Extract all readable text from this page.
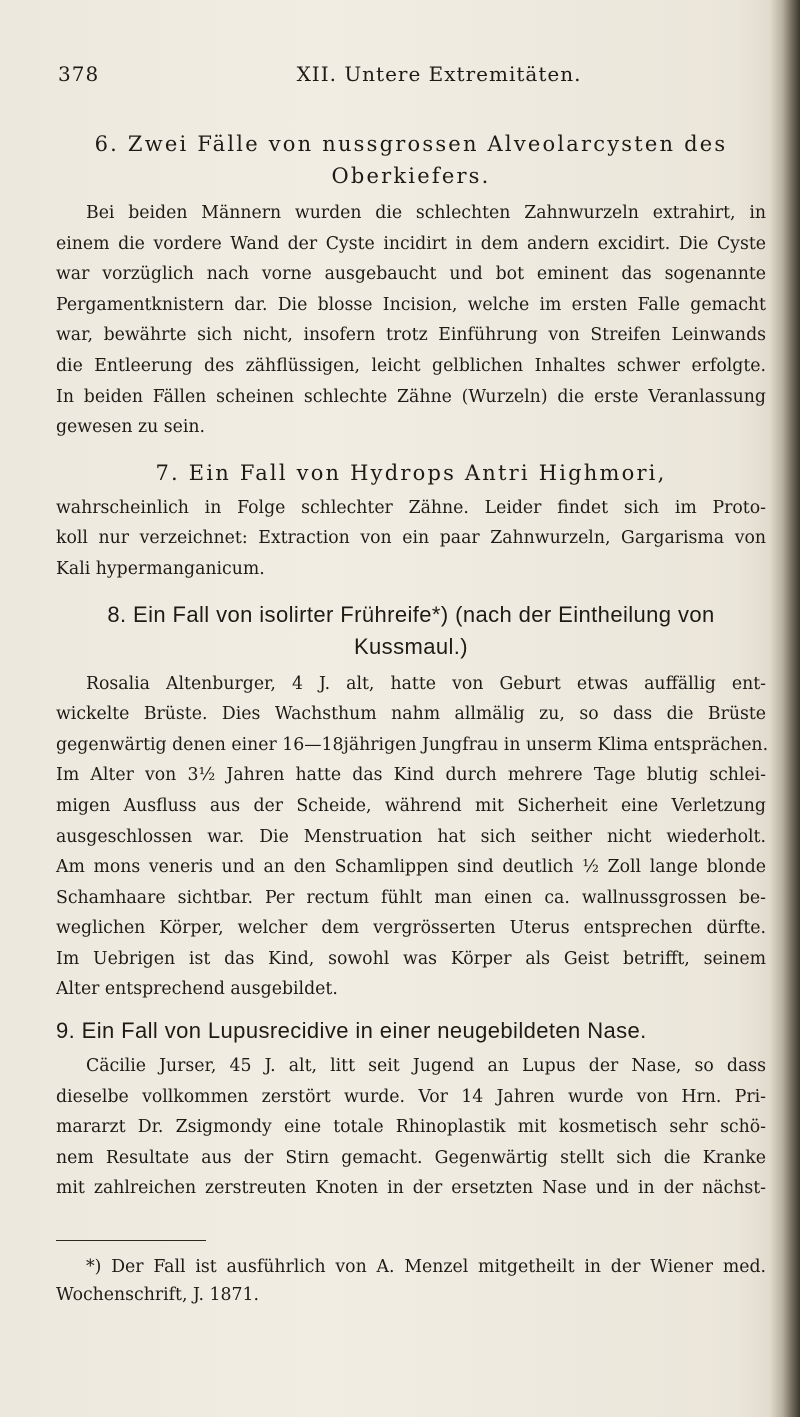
378	XII. Untere Extremitäten.
6. Zwei Fälle von nussgrossen Alveolarcysten des
Oberkiefers.

Bei beiden Männern wurden die schlechten Zahnwurzeln extrahirt, in
einem die vordere Wand der Cyste incidirt in dem andern excidirt. Die Cyste
war vorzüglich nach vorne ausgebaucht und bot eminent das sogenannte
Pergamentknistern dar. Die blosse Incision, welche im ersten Falle gemacht
war, bewährte sich nicht, insofern trotz Einführung von Streifen Leinwands
die Entleerung des zähflüssigen, leicht gelblichen Inhaltes schwer erfolgte.
In beiden Fällen scheinen schlechte Zähne (Wurzeln) die erste Veranlassung
gewesen zu sein.

7. Ein Fall von Hydrops Antri Highmori,

wahrscheinlich in Folge schlechter Zähne. Leider findet sich im Proto-
koll nur verzeichnet: Extraction von ein paar Zahnwurzeln, Gargarisma von
Kali hypermanganicum.

8. Ein Fall von isolirter Frühreife*) (nach der Eintheilung von
Kussmaul.)

Rosalia Altenburger, 4 J. alt, hatte von Geburt etwas auffällig ent-
wickelte Brüste. Dies Wachsthum nahm allmälig zu, so dass die Brüste
gegenwärtig denen einer 16—18jährigen Jungfrau in unserm Klima entsprächen.
Im Alter von 3½ Jahren hatte das Kind durch mehrere Tage blutig schlei-
migen Ausfluss aus der Scheide, während mit Sicherheit eine Verletzung
ausgeschlossen war. Die Menstruation hat sich seither nicht wiederholt.
Am mons veneris und an den Schamlippen sind deutlich ½ Zoll lange blonde
Schamhaare sichtbar. Per rectum fühlt man einen ca. wallnussgrossen be-
weglichen Körper, welcher dem vergrösserten Uterus entsprechen dürfte.
Im Uebrigen ist das Kind, sowohl was Körper als Geist betrifft, seinem
Alter entsprechend ausgebildet.

9. Ein Fall von Lupusrecidive in einer neugebildeten Nase.

Cäcilie Jurser, 45 J. alt, litt seit Jugend an Lupus der Nase, so dass
dieselbe vollkommen zerstört wurde. Vor 14 Jahren wurde von Hrn. Pri-
mararzt Dr. Zsigmondy eine totale Rhinoplastik mit kosmetisch sehr schö-
nem Resultate aus der Stirn gemacht. Gegenwärtig stellt sich die Kranke
mit zahlreichen zerstreuten Knoten in der ersetzten Nase und in der nächst-

*) Der Fall ist ausführlich von A. Menzel mitgetheilt in der Wiener med.
Wochenschrift, J. 1871.
